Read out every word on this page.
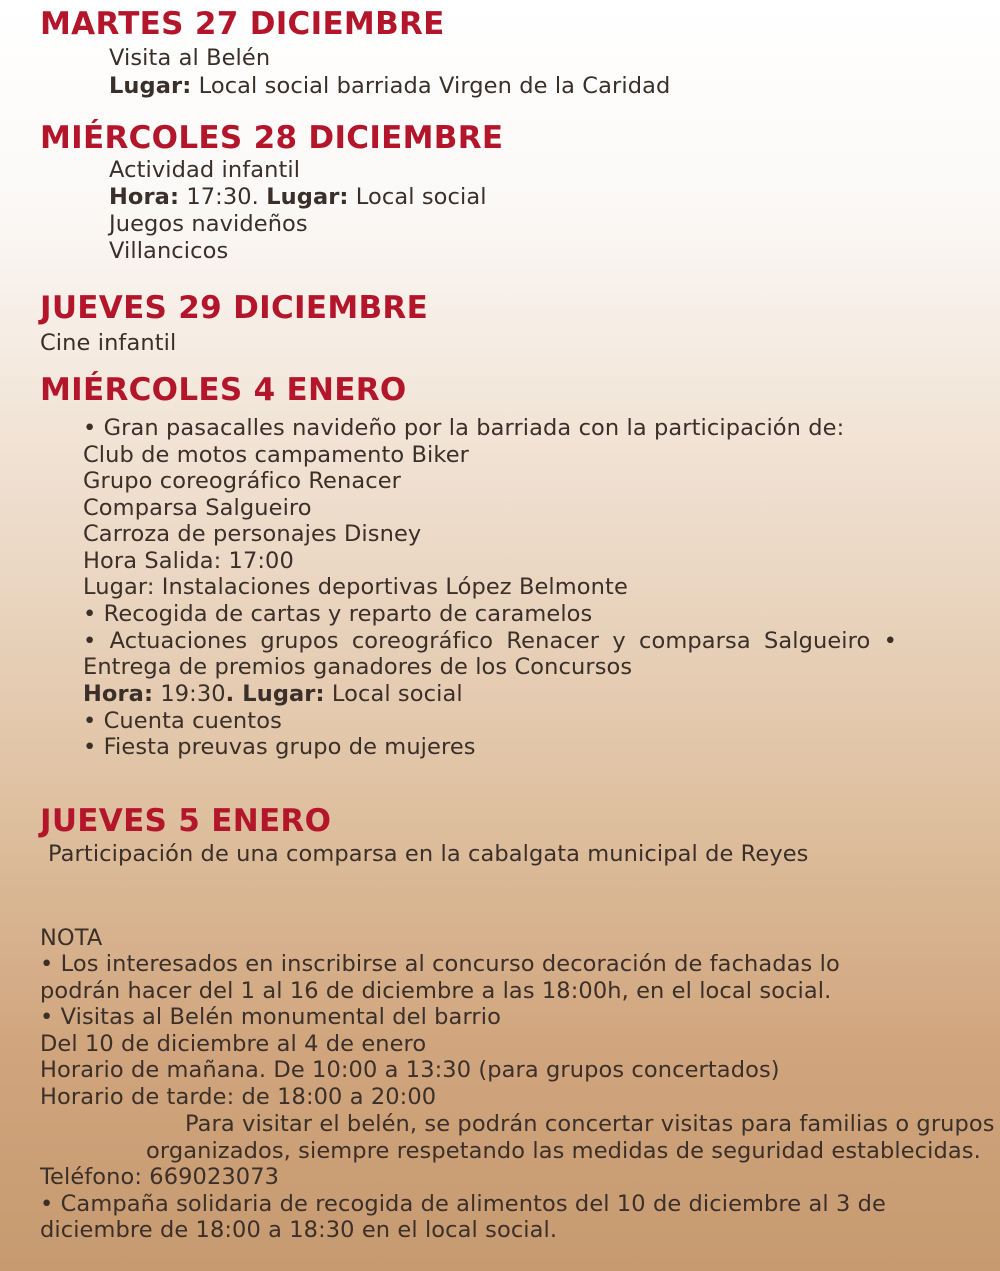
MARTES 27 DICIEMBRE
Visita al Belén
Lugar: Local social barriada Virgen de la Caridad
MIÉRCOLES 28 DICIEMBRE
Actividad infantil
Hora: 17:30. Lugar: Local social
Juegos navideños
Villancicos
JUEVES 29 DICIEMBRE
Cine infantil
MIÉRCOLES 4 ENERO
• Gran pasacalles navideño por la barriada con la participación de:
Club de motos campamento Biker
Grupo coreográfico Renacer
Comparsa Salgueiro
Carroza de personajes Disney
Hora Salida: 17:00
Lugar: Instalaciones deportivas López Belmonte
• Recogida de cartas y reparto de caramelos
• Actuaciones grupos coreográfico Renacer y comparsa Salgueiro •
Entrega de premios ganadores de los Concursos
Hora: 19:30. Lugar: Local social
• Cuenta cuentos
• Fiesta preuvas grupo de mujeres
JUEVES 5 ENERO
Participación de una comparsa en la cabalgata municipal de Reyes
NOTA
• Los interesados en inscribirse al concurso decoración de fachadas lo
podrán hacer del 1 al 16 de diciembre a las 18:00h, en el local social.
• Visitas al Belén monumental del barrio
Del 10 de diciembre al 4 de enero
Horario de mañana. De 10:00 a 13:30 (para grupos concertados)
Horario de tarde: de 18:00 a 20:00
Para visitar el belén, se podrán concertar visitas para familias o grupos
organizados, siempre respetando las medidas de seguridad establecidas.
Teléfono: 669023073
• Campaña solidaria de recogida de alimentos del 10 de diciembre al 3 de
diciembre de 18:00 a 18:30 en el local social.
